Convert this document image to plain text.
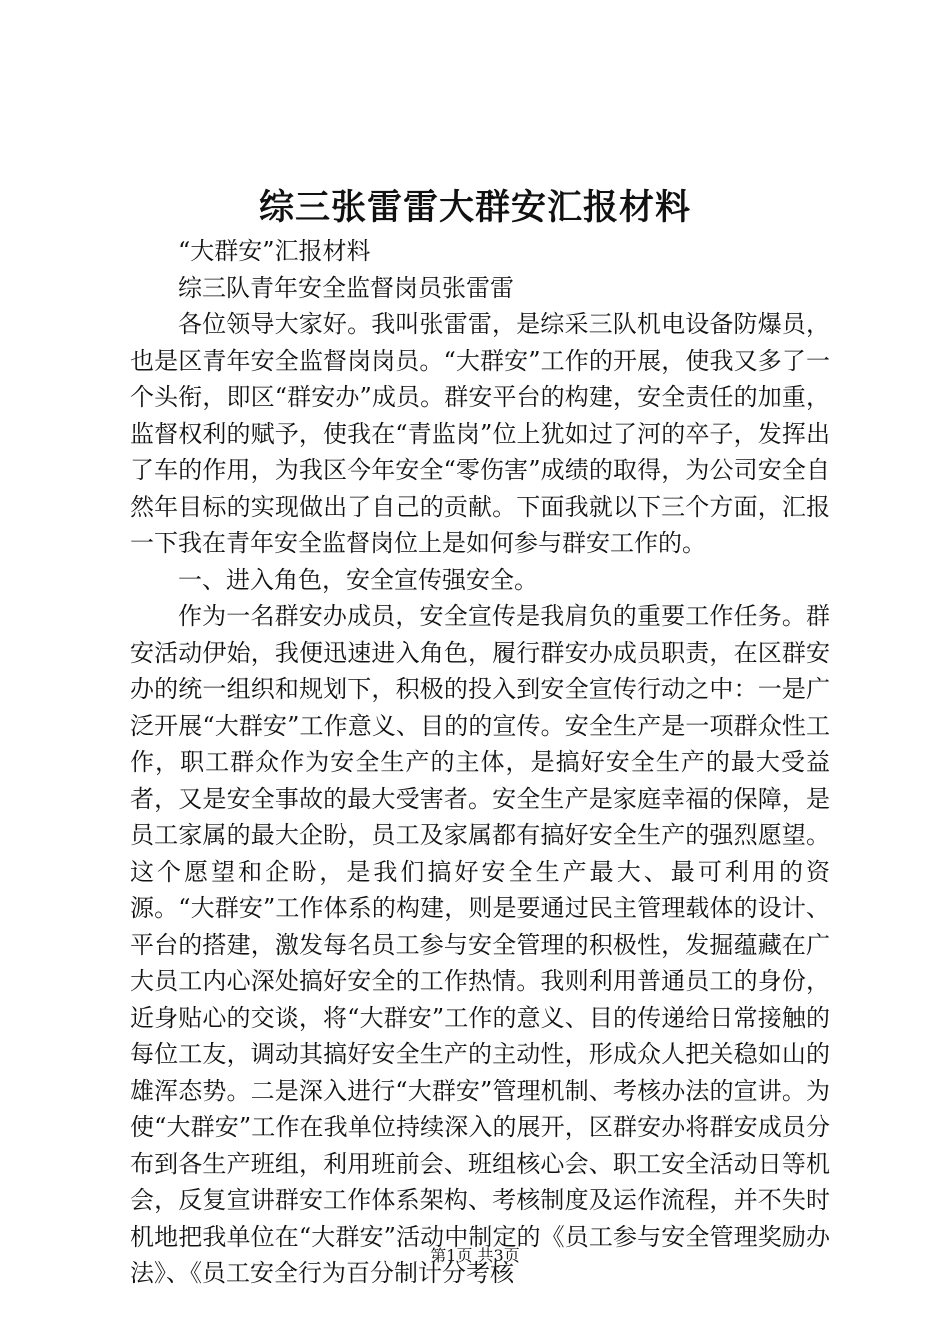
综三张雷雷大群安汇报材料

“大群安”汇报材料

综三队青年安全监督岗员张雷雷

各位领导大家好。我叫张雷雷，是综采三队机电设备防爆员，也是区青年安全监督岗岗员。“大群安”工作的开展，使我又多了一个头衔，即区“群安办”成员。群安平台的构建，安全责任的加重，监督权利的赋予，使我在“青监岗”位上犹如过了河的卒子，发挥出了车的作用，为我区今年安全“零伤害”成绩的取得，为公司安全自然年目标的实现做出了自己的贡献。下面我就以下三个方面，汇报一下我在青年安全监督岗位上是如何参与群安工作的。

一、进入角色，安全宣传强安全。

作为一名群安办成员，安全宣传是我肩负的重要工作任务。群安活动伊始，我便迅速进入角色，履行群安办成员职责，在区群安办的统一组织和规划下，积极的投入到安全宣传行动之中：一是广泛开展“大群安”工作意义、目的的宣传。安全生产是一项群众性工作，职工群众作为安全生产的主体，是搞好安全生产的最大受益者，又是安全事故的最大受害者。安全生产是家庭幸福的保障，是员工家属的最大企盼，员工及家属都有搞好安全生产的强烈愿望。这个愿望和企盼，是我们搞好安全生产最大、最可利用的资源。“大群安”工作体系的构建，则是要通过民主管理载体的设计、平台的搭建，激发每名员工参与安全管理的积极性，发掘蕴藏在广大员工内心深处搞好安全的工作热情。我则利用普通员工的身份，近身贴心的交谈，将“大群安”工作的意义、目的传递给日常接触的每位工友，调动其搞好安全生产的主动性，形成众人把关稳如山的雄浑态势。二是深入进行“大群安”管理机制、考核办法的宣讲。为使“大群安”工作在我单位持续深入的展开，区群安办将群安成员分布到各生产班组，利用班前会、班组核心会、职工安全活动日等机会，反复宣讲群安工作体系架构、考核制度及运作流程，并不失时机地把我单位在“大群安”活动中制定的《员工参与安全管理奖励办法》、《员工安全行为百分制计分考核

第1页 共3页
